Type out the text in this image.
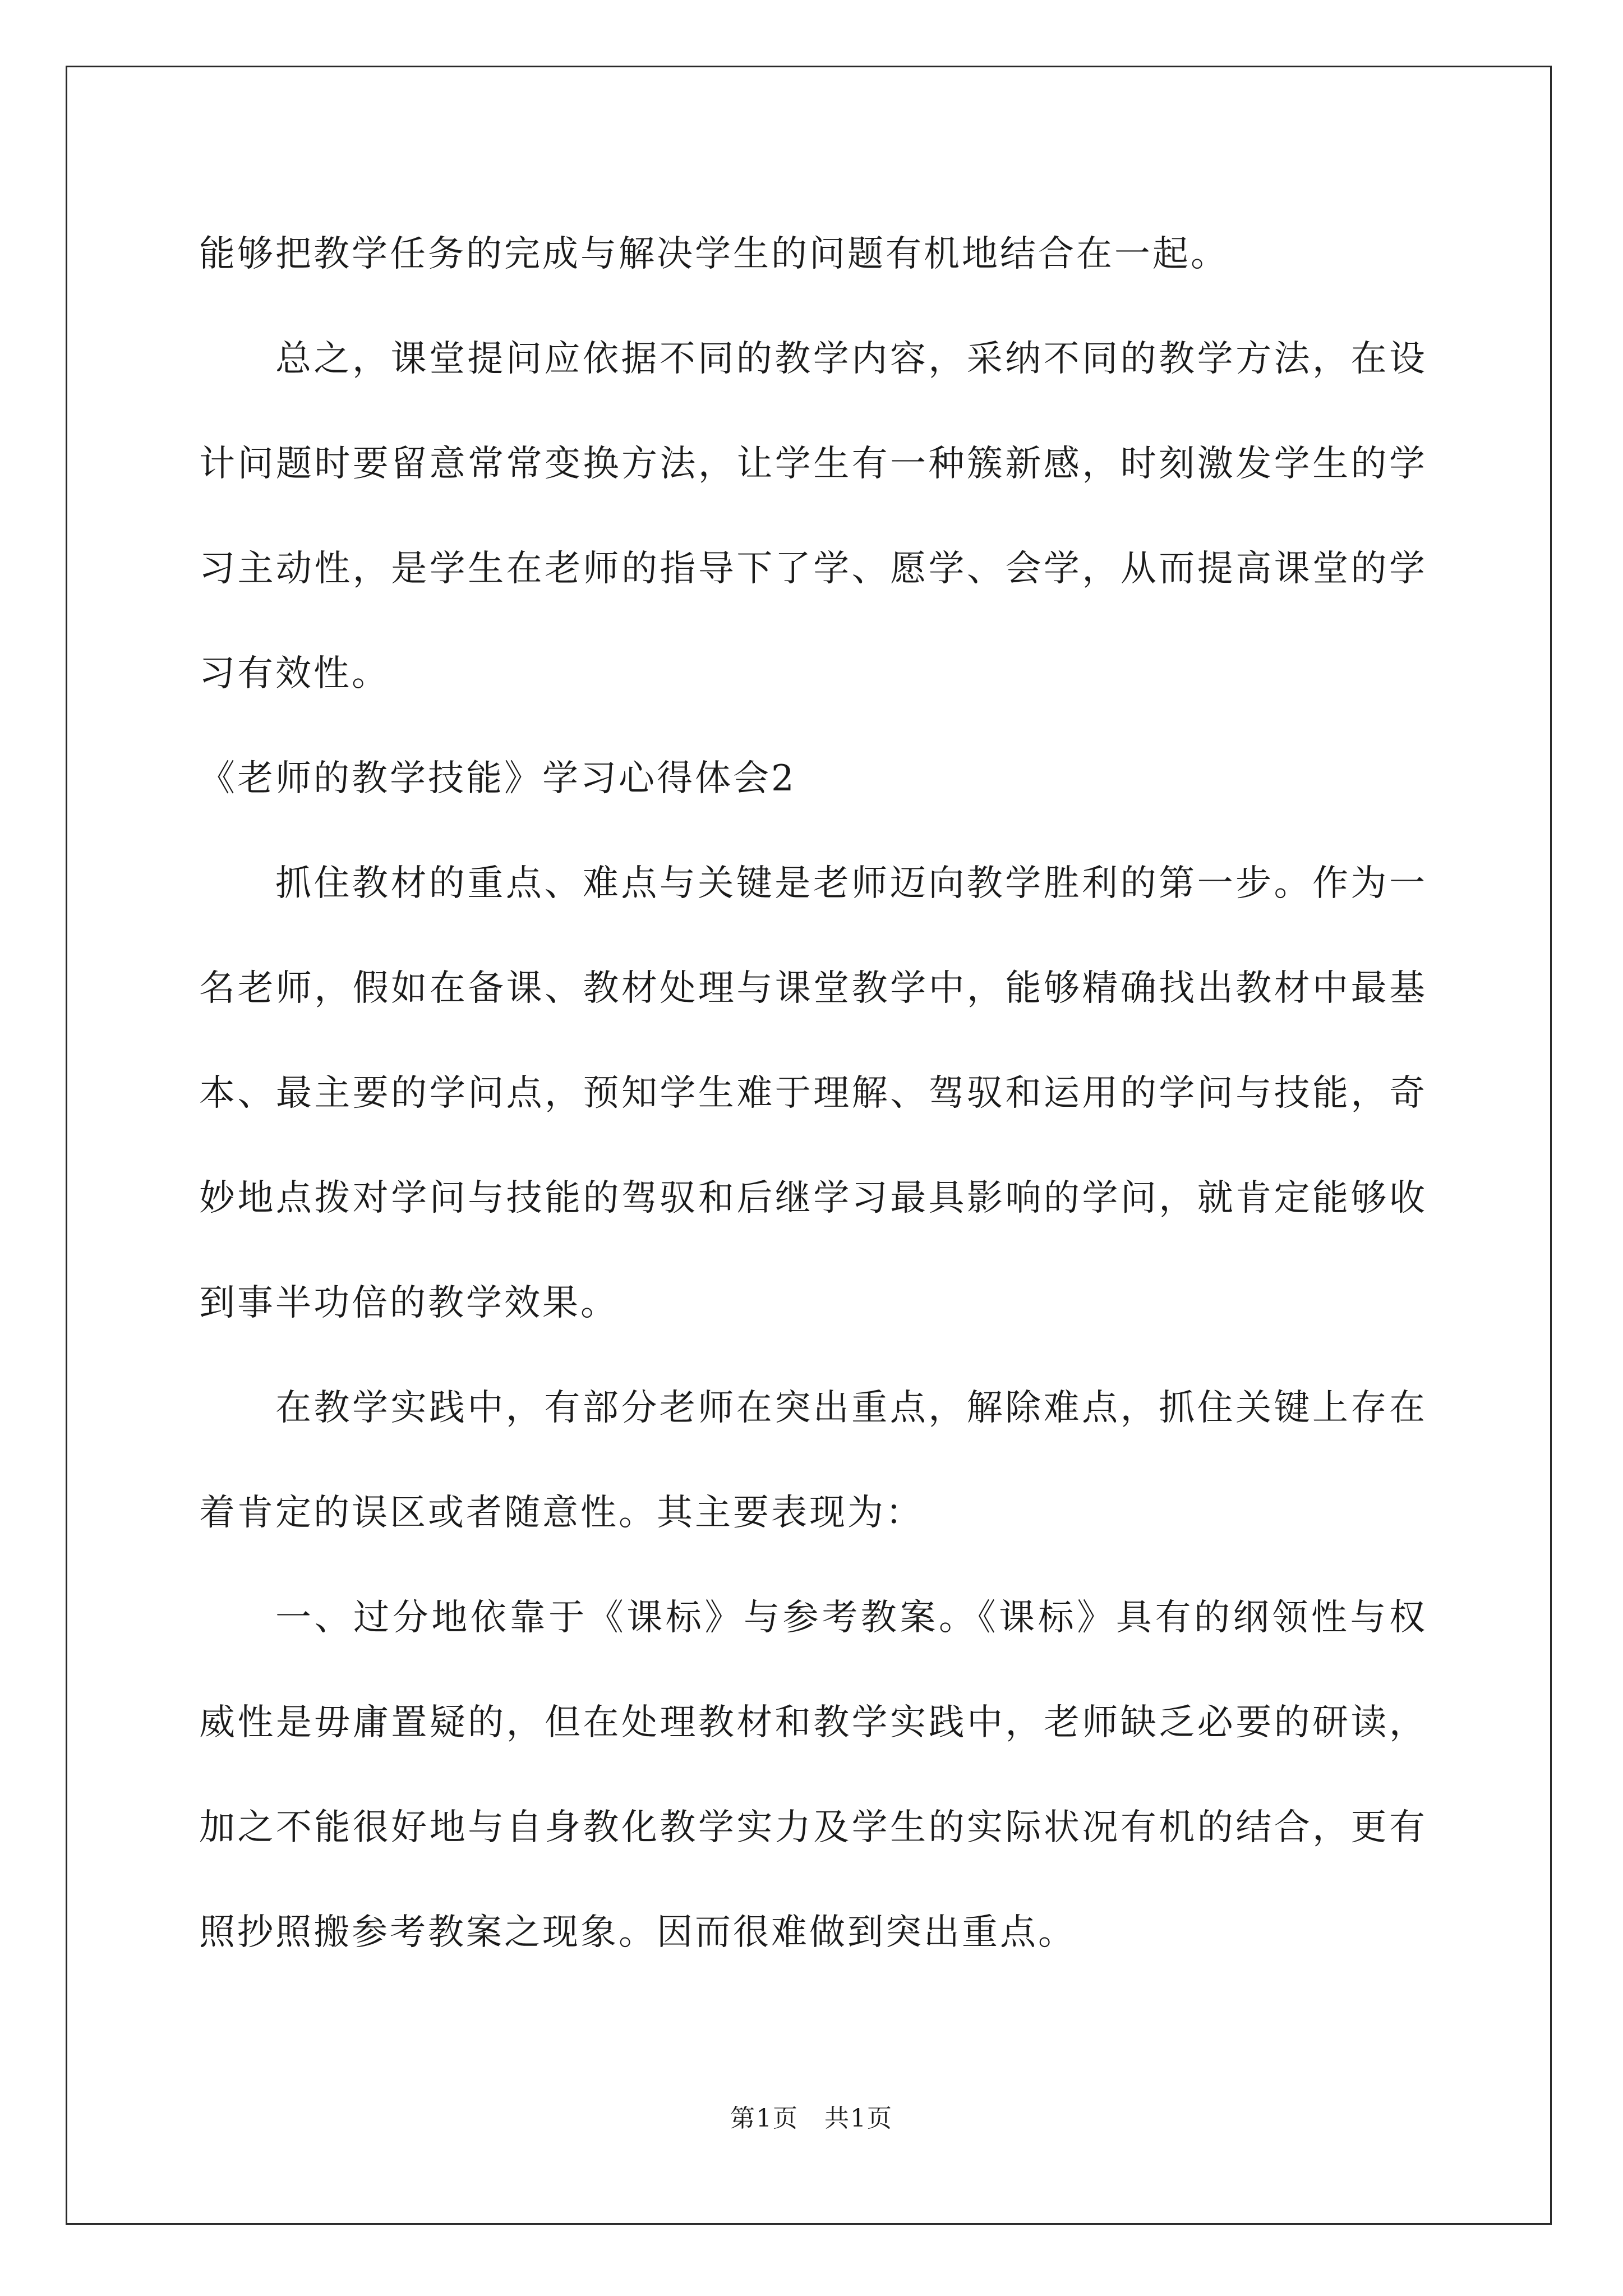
能够把教学任务的完成与解决学生的问题有机地结合在一起。

总之，课堂提问应依据不同的教学内容，采纳不同的教学方法，在设计问题时要留意常常变换方法，让学生有一种簇新感，时刻激发学生的学习主动性，是学生在老师的指导下了学、愿学、会学，从而提高课堂的学习有效性。

《老师的教学技能》学习心得体会2

抓住教材的重点、难点与关键是老师迈向教学胜利的第一步。作为一名老师，假如在备课、教材处理与课堂教学中，能够精确找出教材中最基本、最主要的学问点，预知学生难于理解、驾驭和运用的学问与技能，奇妙地点拨对学问与技能的驾驭和后继学习最具影响的学问，就肯定能够收到事半功倍的教学效果。

在教学实践中，有部分老师在突出重点，解除难点，抓住关键上存在着肯定的误区或者随意性。其主要表现为：

一、过分地依靠于《课标》与参考教案。《课标》具有的纲领性与权威性是毋庸置疑的，但在处理教材和教学实践中，老师缺乏必要的研读，加之不能很好地与自身教化教学实力及学生的实际状况有机的结合，更有照抄照搬参考教案之现象。因而很难做到突出重点。

第1页　共1页
